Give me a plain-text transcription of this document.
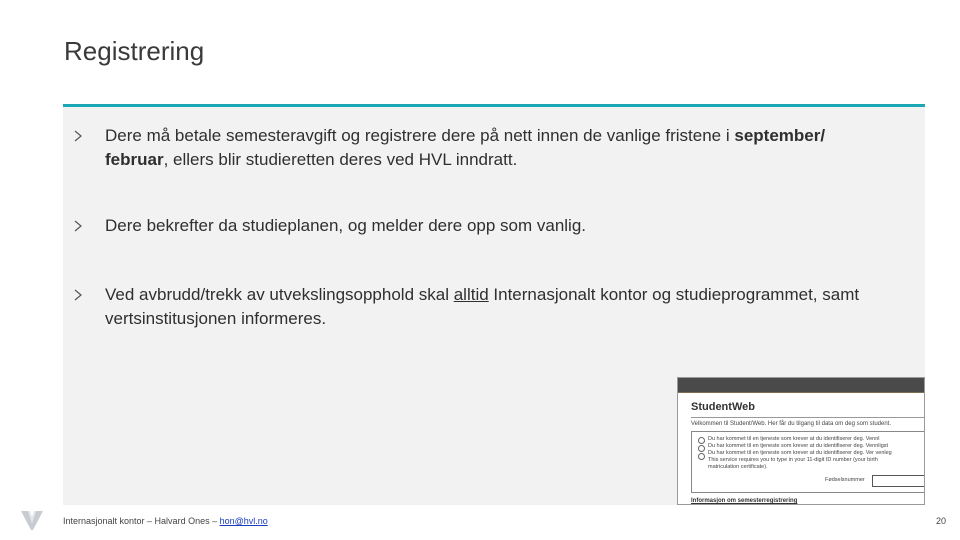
Registrering
Dere må betale semesteravgift og registrere dere på nett innen de vanlige fristene i september/ februar, ellers blir studieretten deres ved HVL inndratt.
Dere bekrefter da studieplanen, og melder dere opp som vanlig.
Ved avbrudd/trekk av utvekslingsopphold skal alltid Internasjonalt kontor og studieprogrammet, samt vertsinstitusjonen informeres.
StudentWeb
Velkommen til Student/Web. Her får du tilgang til data om deg som student.
Du har kommet til en tjeneste som krever at du identifiserer deg. Vennl
Du har kommet til en tjeneste som krever at du identifiserer deg. Vennligst
Du har kommet til en tjeneste som krever at du identifiserer deg. Ver venleg
This service requires you to type in your 11-digit ID number (your birth
matriculation certificate).
Fødselsnummer
Informasjon om semesterregistrering
Internasjonalt kontor – Halvard Ones – hon@hvl.no	20
